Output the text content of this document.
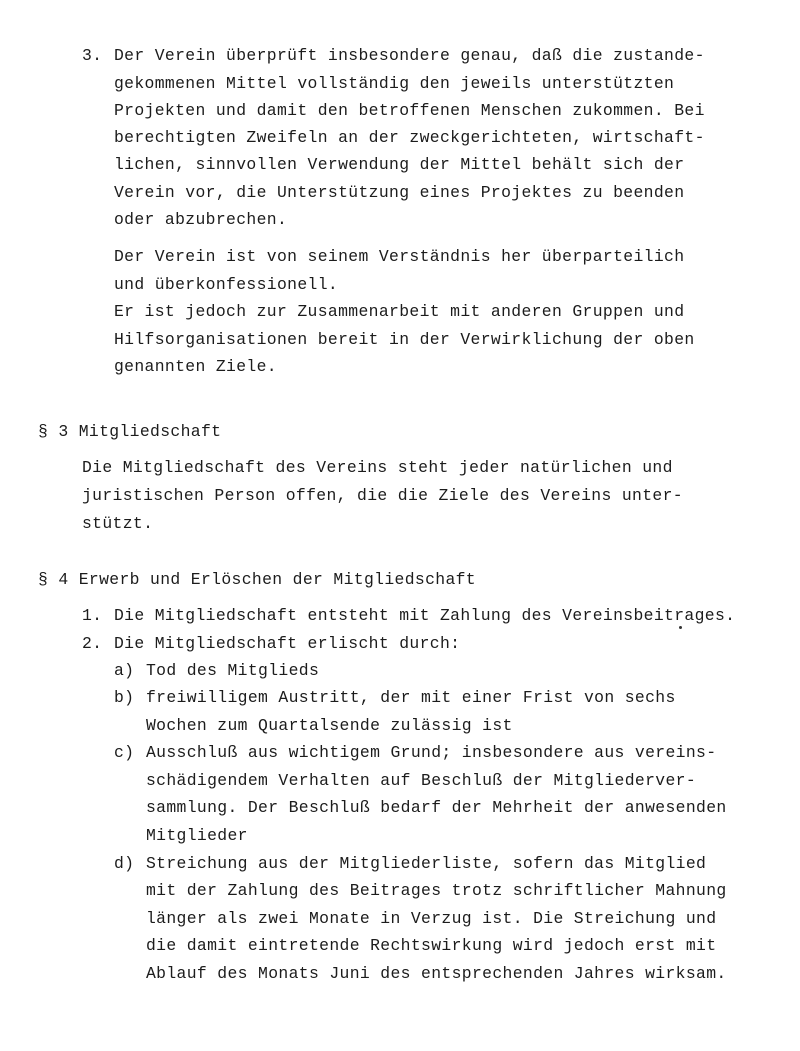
3. Der Verein überprüft insbesondere genau, daß die zustande-
gekommenen Mittel vollständig den jeweils unterstützten
Projekten und damit den betroffenen Menschen zukommen. Bei
berechtigten Zweifeln an der zweckgerichteten, wirtschaft-
lichen, sinnvollen Verwendung der Mittel behält sich der
Verein vor, die Unterstützung eines Projektes zu beenden
oder abzubrechen.
Der Verein ist von seinem Verständnis her überparteilich
und überkonfessionell.
Er ist jedoch zur Zusammenarbeit mit anderen Gruppen und
Hilfsorganisationen bereit in der Verwirklichung der oben
genannten Ziele.
§ 3 Mitgliedschaft
Die Mitgliedschaft des Vereins steht jeder natürlichen und
juristischen Person offen, die die Ziele des Vereins unter-
stützt.
§ 4 Erwerb und Erlöschen der Mitgliedschaft
1. Die Mitgliedschaft entsteht mit Zahlung des Vereinsbeitrages.
2. Die Mitgliedschaft erlischt durch:
a) Tod des Mitglieds
b) freiwilligem Austritt, der mit einer Frist von sechs
Wochen zum Quartalsende zulässig ist
c) Ausschluß aus wichtigem Grund; insbesondere aus vereins-
schädigendem Verhalten auf Beschluß der Mitgliederver-
sammlung. Der Beschluß bedarf der Mehrheit der anwesenden
Mitglieder
d) Streichung aus der Mitgliederliste, sofern das Mitglied
mit der Zahlung des Beitrages trotz schriftlicher Mahnung
länger als zwei Monate in Verzug ist. Die Streichung und
die damit eintretende Rechtswirkung wird jedoch erst mit
Ablauf des Monats Juni des entsprechenden Jahres wirksam.
